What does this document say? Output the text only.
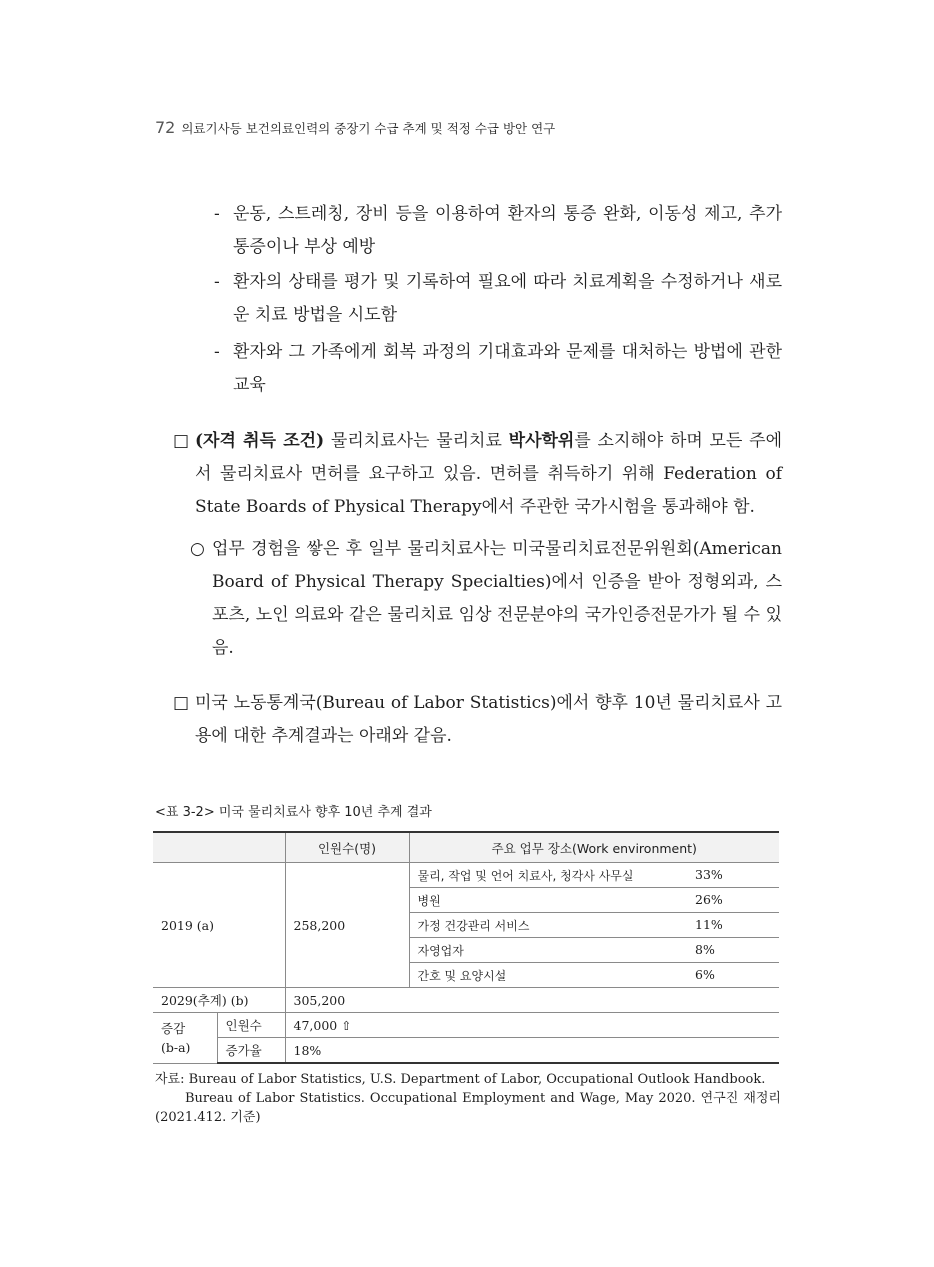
72 의료기사등 보건의료인력의 중장기 수급 추계 및 적정 수급 방안 연구
- 운동, 스트레칭, 장비 등을 이용하여 환자의 통증 완화, 이동성 제고, 추가 통증이나 부상 예방
- 환자의 상태를 평가 및 기록하여 필요에 따라 치료계획을 수정하거나 새로운 치료 방법을 시도함
- 환자와 그 가족에게 회복 과정의 기대효과와 문제를 대처하는 방법에 관한 교육
□ (자격 취득 조건) 물리치료사는 물리치료 박사학위를 소지해야 하며 모든 주에서 물리치료사 면허를 요구하고 있음. 면허를 취득하기 위해 Federation of State Boards of Physical Therapy에서 주관한 국가시험을 통과해야 함.
○ 업무 경험을 쌓은 후 일부 물리치료사는 미국물리치료전문위원회(American Board of Physical Therapy Specialties)에서 인증을 받아 정형외과, 스포츠, 노인 의료와 같은 물리치료 임상 전문분야의 국가인증전문가가 될 수 있음.
□ 미국 노동통계국(Bureau of Labor Statistics)에서 향후 10년 물리치료사 고용에 대한 추계결과는 아래와 같음.
<표 3-2> 미국 물리치료사 향후 10년 추계 결과
		인원수(명)	주요 업무 장소(Work environment)
2019 (a)		258,200	물리, 작업 및 언어 치료사, 청각사 사무실 33%

			병원 26%

			가정 건강관리 서비스 11%

			자영업자 8%

			간호 및 요양시설 6%

2029(추계) (b)		305,200	
증감
(b-a)	인원수	47,000 ⇧	
	증가율	18%	

자료: Bureau of Labor Statistics, U.S. Department of Labor, Occupational Outlook Handbook.

Bureau of Labor Statistics. Occupational Employment and Wage, May 2020. 연구진 재정리 (2021.412. 기준)
